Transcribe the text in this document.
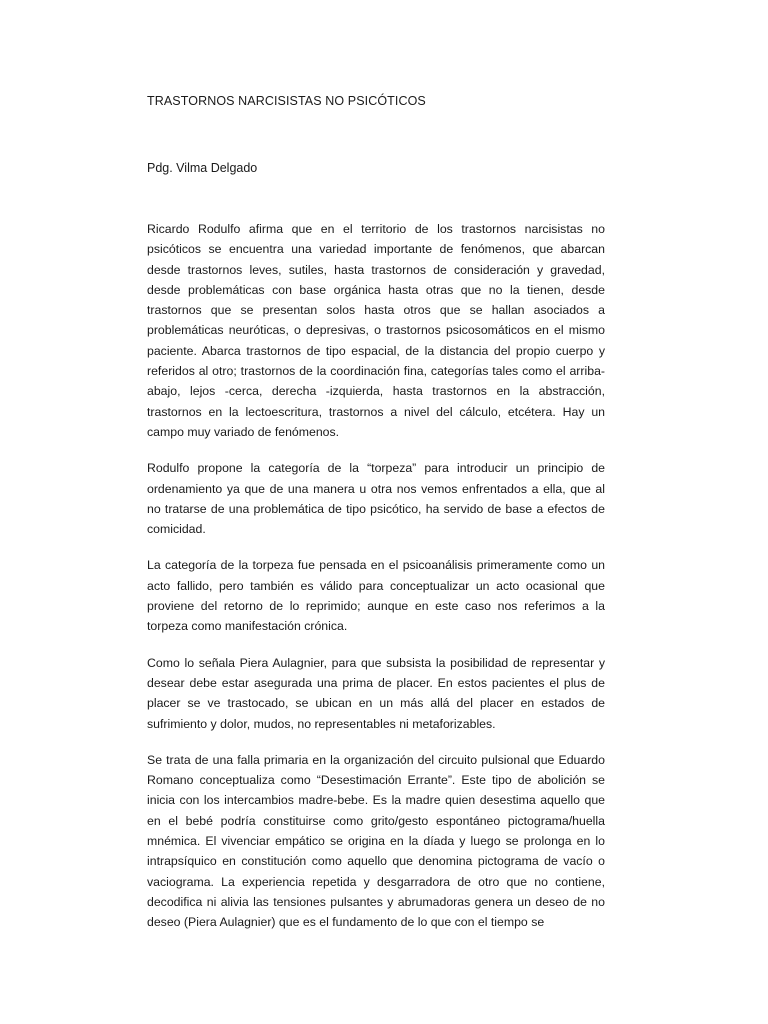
TRASTORNOS NARCISISTAS NO PSICÓTICOS
Pdg. Vilma Delgado

Ricardo Rodulfo afirma que en el territorio de los trastornos narcisistas no psicóticos se encuentra una variedad importante de fenómenos, que abarcan desde trastornos leves, sutiles, hasta trastornos de consideración y gravedad, desde problemáticas con base orgánica hasta otras que no la tienen, desde trastornos que se presentan solos hasta otros que se hallan asociados a problemáticas neuróticas, o depresivas, o trastornos psicosomáticos en el mismo paciente. Abarca trastornos de tipo espacial, de la distancia del propio cuerpo y referidos al otro; trastornos de la coordinación fina, categorías tales como el arriba-abajo, lejos -cerca, derecha -izquierda, hasta trastornos en la abstracción, trastornos en la lectoescritura, trastornos a nivel del cálculo, etcétera. Hay un campo muy variado de fenómenos.

Rodulfo propone la categoría de la “torpeza” para introducir un principio de ordenamiento ya que de una manera u otra nos vemos enfrentados a ella, que al no tratarse de una problemática de tipo psicótico, ha servido de base a efectos de comicidad.

La categoría de la torpeza fue pensada en el psicoanálisis primeramente como un acto fallido, pero también es válido para conceptualizar un acto ocasional que proviene del retorno de lo reprimido; aunque en este caso nos referimos a la torpeza como manifestación crónica.

Como lo señala Piera Aulagnier, para que subsista la posibilidad de representar y desear debe estar asegurada una prima de placer. En estos pacientes el plus de placer se ve trastocado, se ubican en un más allá del placer en estados de sufrimiento y dolor, mudos, no representables ni metaforizables.

Se trata de una falla primaria en la organización del circuito pulsional que Eduardo Romano conceptualiza como “Desestimación Errante”. Este tipo de abolición se inicia con los intercambios madre-bebe. Es la madre quien desestima aquello que en el bebé podría constituirse como grito/gesto espontáneo pictograma/huella mnémica. El vivenciar empático se origina en la díada y luego se prolonga en lo intrapsíquico en constitución como aquello que denomina pictograma de vacío o vaciograma. La experiencia repetida y desgarradora de otro que no contiene, decodifica ni alivia las tensiones pulsantes y abrumadoras genera un deseo de no deseo (Piera Aulagnier) que es el fundamento de lo que con el tiempo se
